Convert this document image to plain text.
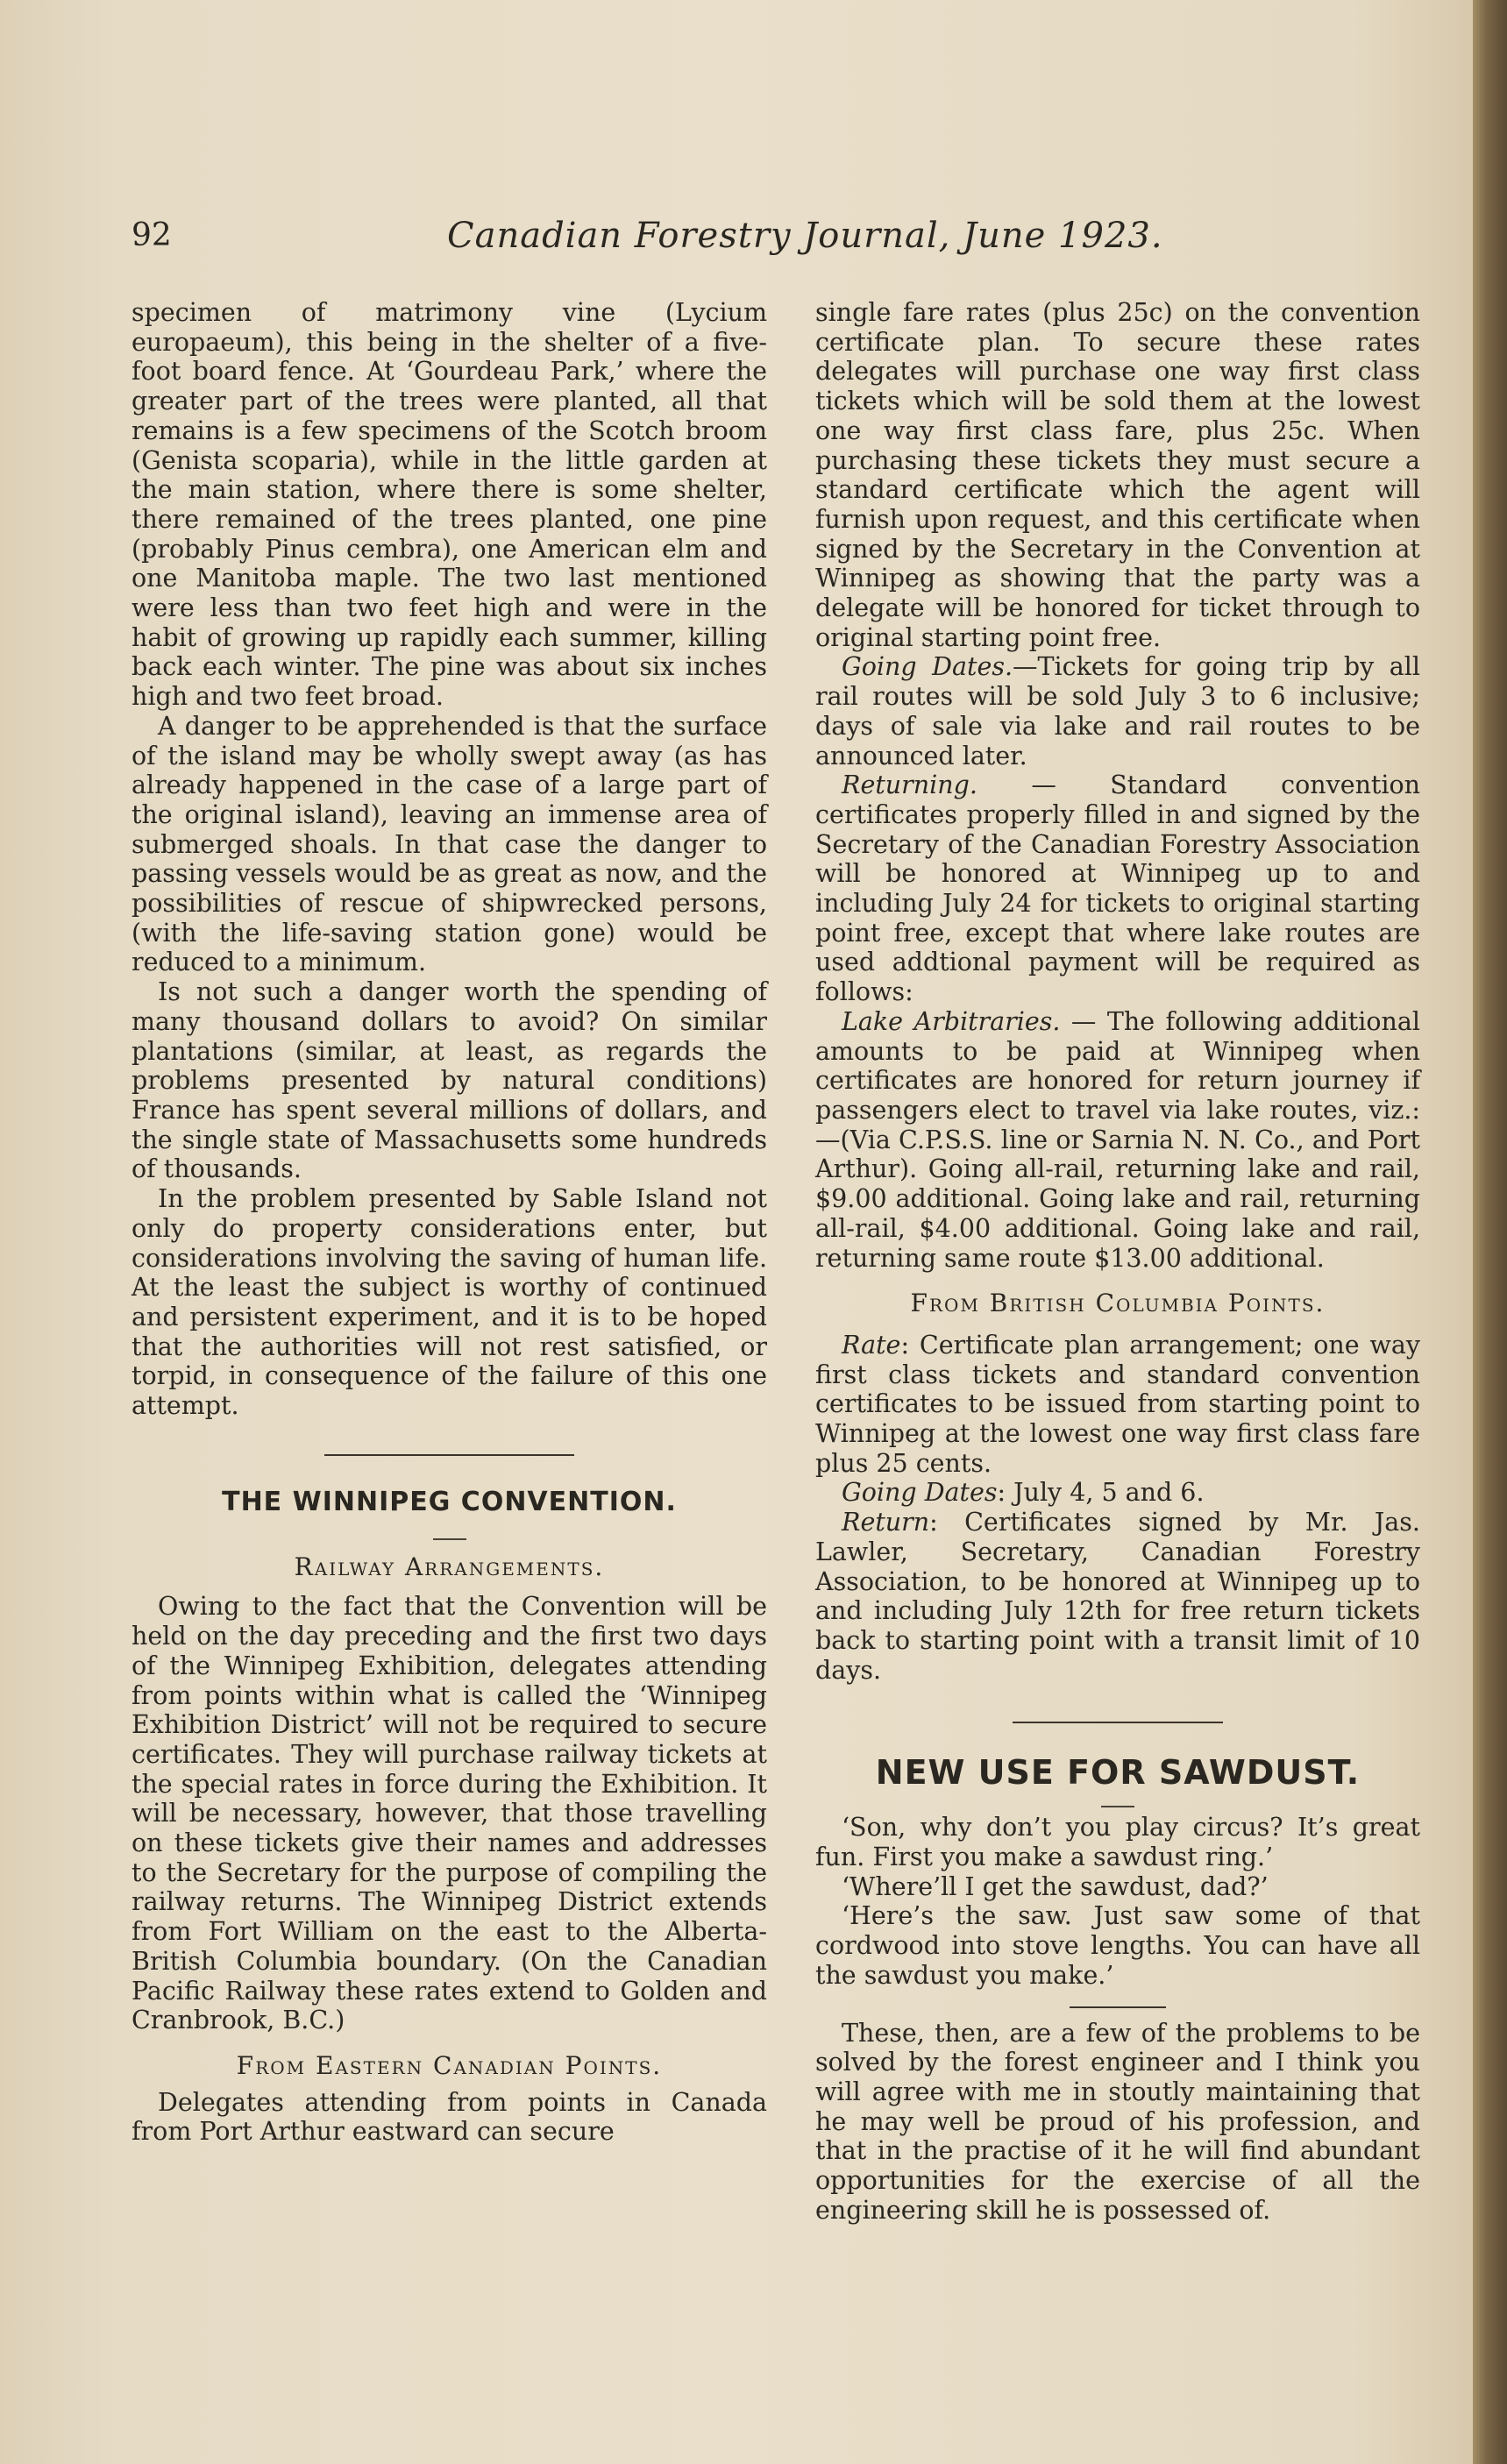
92	Canadian Forestry Journal, June 1923.

specimen of matrimony vine (Lycium europaeum), this being in the shelter of a five-foot board fence. At ‘Gourdeau Park,’ where the greater part of the trees were planted, all that remains is a few specimens of the Scotch broom (Genista scoparia), while in the little garden at the main station, where there is some shelter, there remained of the trees planted, one pine (probably Pinus cembra), one American elm and one Manitoba maple. The two last mentioned were less than two feet high and were in the habit of growing up rapidly each summer, killing back each winter. The pine was about six inches high and two feet broad.

A danger to be apprehended is that the surface of the island may be wholly swept away (as has already happened in the case of a large part of the original island), leaving an immense area of submerged shoals. In that case the danger to passing vessels would be as great as now, and the possibilities of rescue of shipwrecked persons, (with the life-saving station gone) would be reduced to a minimum.

Is not such a danger worth the spending of many thousand dollars to avoid? On similar plantations (similar, at least, as regards the problems presented by natural conditions) France has spent several millions of dollars, and the single state of Massachusetts some hundreds of thousands.

In the problem presented by Sable Island not only do property considerations enter, but considerations involving the saving of human life. At the least the subject is worthy of continued and persistent experiment, and it is to be hoped that the authorities will not rest satisfied, or torpid, in consequence of the failure of this one attempt.

THE WINNIPEG CONVENTION.

Railway Arrangements.

Owing to the fact that the Convention will be held on the day preceding and the first two days of the Winnipeg Exhibition, delegates attending from points within what is called the ‘Winnipeg Exhibition District’ will not be required to secure certificates. They will purchase railway tickets at the special rates in force during the Exhibition. It will be necessary, however, that those travelling on these tickets give their names and addresses to the Secretary for the purpose of compiling the railway returns. The Winnipeg District extends from Fort William on the east to the Alberta-British Columbia boundary. (On the Canadian Pacific Railway these rates extend to Golden and Cranbrook, B.C.)

From Eastern Canadian Points.

Delegates attending from points in Canada from Port Arthur eastward can secure

single fare rates (plus 25c) on the convention certificate plan. To secure these rates delegates will purchase one way first class tickets which will be sold them at the lowest one way first class fare, plus 25c. When purchasing these tickets they must secure a standard certificate which the agent will furnish upon request, and this certificate when signed by the Secretary in the Convention at Winnipeg as showing that the party was a delegate will be honored for ticket through to original starting point free.

Going Dates.—Tickets for going trip by all rail routes will be sold July 3 to 6 inclusive; days of sale via lake and rail routes to be announced later.

Returning. — Standard convention certificates properly filled in and signed by the Secretary of the Canadian Forestry Association will be honored at Winnipeg up to and including July 24 for tickets to original starting point free, except that where lake routes are used addtional payment will be required as follows:

Lake Arbitraries. — The following additional amounts to be paid at Winnipeg when certificates are honored for return journey if passengers elect to travel via lake routes, viz.:—(Via C.P.S.S. line or Sarnia N. N. Co., and Port Arthur). Going all-rail, returning lake and rail, $9.00 additional. Going lake and rail, returning all-rail, $4.00 additional. Going lake and rail, returning same route $13.00 additional.

From British Columbia Points.

Rate: Certificate plan arrangement; one way first class tickets and standard convention certificates to be issued from starting point to Winnipeg at the lowest one way first class fare plus 25 cents.

Going Dates: July 4, 5 and 6.

Return: Certificates signed by Mr. Jas. Lawler, Secretary, Canadian Forestry Association, to be honored at Winnipeg up to and including July 12th for free return tickets back to starting point with a transit limit of 10 days.

NEW USE FOR SAWDUST.

‘Son, why don’t you play circus? It’s great fun. First you make a sawdust ring.’

‘Where’ll I get the sawdust, dad?’

‘Here’s the saw. Just saw some of that cordwood into stove lengths. You can have all the sawdust you make.’

These, then, are a few of the problems to be solved by the forest engineer and I think you will agree with me in stoutly maintaining that he may well be proud of his profession, and that in the practise of it he will find abundant opportunities for the exercise of all the engineering skill he is possessed of.
